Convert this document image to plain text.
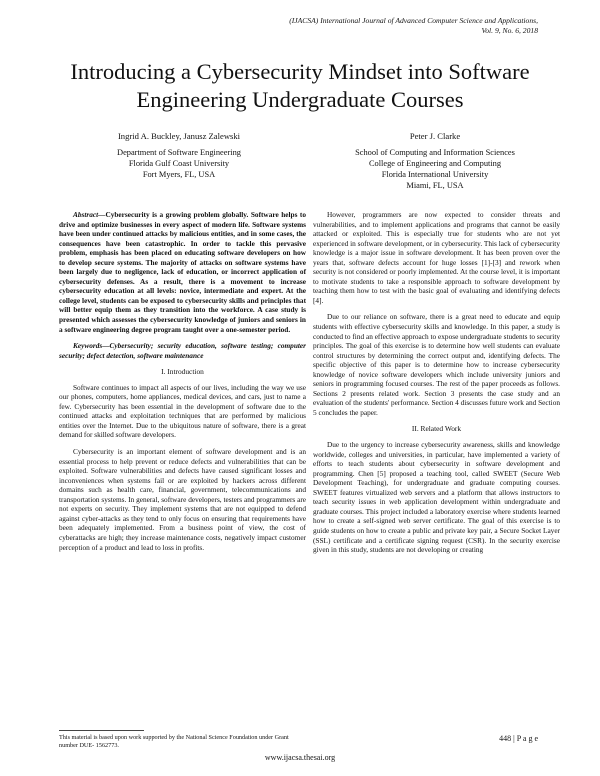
(IJACSA) International Journal of Advanced Computer Science and Applications,
Vol. 9, No. 6, 2018
Introducing a Cybersecurity Mindset into Software
Engineering Undergraduate Courses
Ingrid A. Buckley, Janusz Zalewski
Department of Software Engineering
Florida Gulf Coast University
Fort Myers, FL, USA
Peter J. Clarke
School of Computing and Information Sciences
College of Engineering and Computing
Florida International University
Miami, FL, USA

Abstract—Cybersecurity is a growing problem globally. Software helps to drive and optimize businesses in every aspect of modern life. Software systems have been under continued attacks by malicious entities, and in some cases, the consequences have been catastrophic. In order to tackle this pervasive problem, emphasis has been placed on educating software developers on how to develop secure systems. The majority of attacks on software systems have been largely due to negligence, lack of education, or incorrect application of cybersecurity defenses. As a result, there is a movement to increase cybersecurity education at all levels: novice, intermediate and expert. At the college level, students can be exposed to cybersecurity skills and principles that will better equip them as they transition into the workforce. A case study is presented which assesses the cybersecurity knowledge of juniors and seniors in a software engineering degree program taught over a one-semester period.

Keywords—Cybersecurity; security education, software testing; computer security; defect detection, software maintenance

I. Introduction

Software continues to impact all aspects of our lives, including the way we use our phones, computers, home appliances, medical devices, and cars, just to name a few. Cybersecurity has been essential in the development of software due to the continued attacks and exploitation techniques that are performed by malicious entities over the Internet. Due to the ubiquitous nature of software, there is a great demand for skilled software developers.

Cybersecurity is an important element of software development and is an essential process to help prevent or reduce defects and vulnerabilities that can be exploited. Software vulnerabilities and defects have caused significant losses and inconveniences when systems fail or are exploited by hackers across different domains such as health care, financial, government, telecommunications and transportation systems. In general, software developers, testers and programmers are not experts on security. They implement systems that are not equipped to defend against cyber-attacks as they tend to only focus on ensuring that requirements have been adequately implemented. From a business point of view, the cost of cyberattacks are high; they increase maintenance costs, negatively impact customer perception of a product and lead to loss in profits.

However, programmers are now expected to consider threats and vulnerabilities, and to implement applications and programs that cannot be easily attacked or exploited. This is especially true for students who are not yet experienced in software development, or in cybersecurity. This lack of cybersecurity knowledge is a major issue in software development. It has been proven over the years that, software defects account for huge losses [1]-[3] and rework when security is not considered or poorly implemented. At the course level, it is important to motivate students to take a responsible approach to software development by teaching them how to test with the basic goal of evaluating and identifying defects [4].

Due to our reliance on software, there is a great need to educate and equip students with effective cybersecurity skills and knowledge. In this paper, a study is conducted to find an effective approach to expose undergraduate students to security principles. The goal of this exercise is to determine how well students can evaluate control structures by determining the correct output and, identifying defects. The specific objective of this paper is to determine how to increase cybersecurity knowledge of novice software developers which include university juniors and seniors in programming focused courses. The rest of the paper proceeds as follows. Sections 2 presents related work. Section 3 presents the case study and an evaluation of the students' performance. Section 4 discusses future work and Section 5 concludes the paper.

II. Related Work

Due to the urgency to increase cybersecurity awareness, skills and knowledge worldwide, colleges and universities, in particular, have implemented a variety of efforts to teach students about cybersecurity in software development and programming. Chen [5] proposed a teaching tool, called SWEET (Secure Web Development Teaching), for undergraduate and graduate computing courses. SWEET features virtualized web servers and a platform that allows instructors to teach security issues in web application development within undergraduate and graduate courses. This project included a laboratory exercise where students learned how to create a self-signed web server certificate. The goal of this exercise is to guide students on how to create a public and private key pair, a Secure Socket Layer (SSL) certificate and a certificate signing request (CSR). In the security exercise given in this study, students are not developing or creating

This material is based upon work supported by the National Science Foundation under Grant number DUE- 1562773.
448 | P a g e
www.ijacsa.thesai.org
